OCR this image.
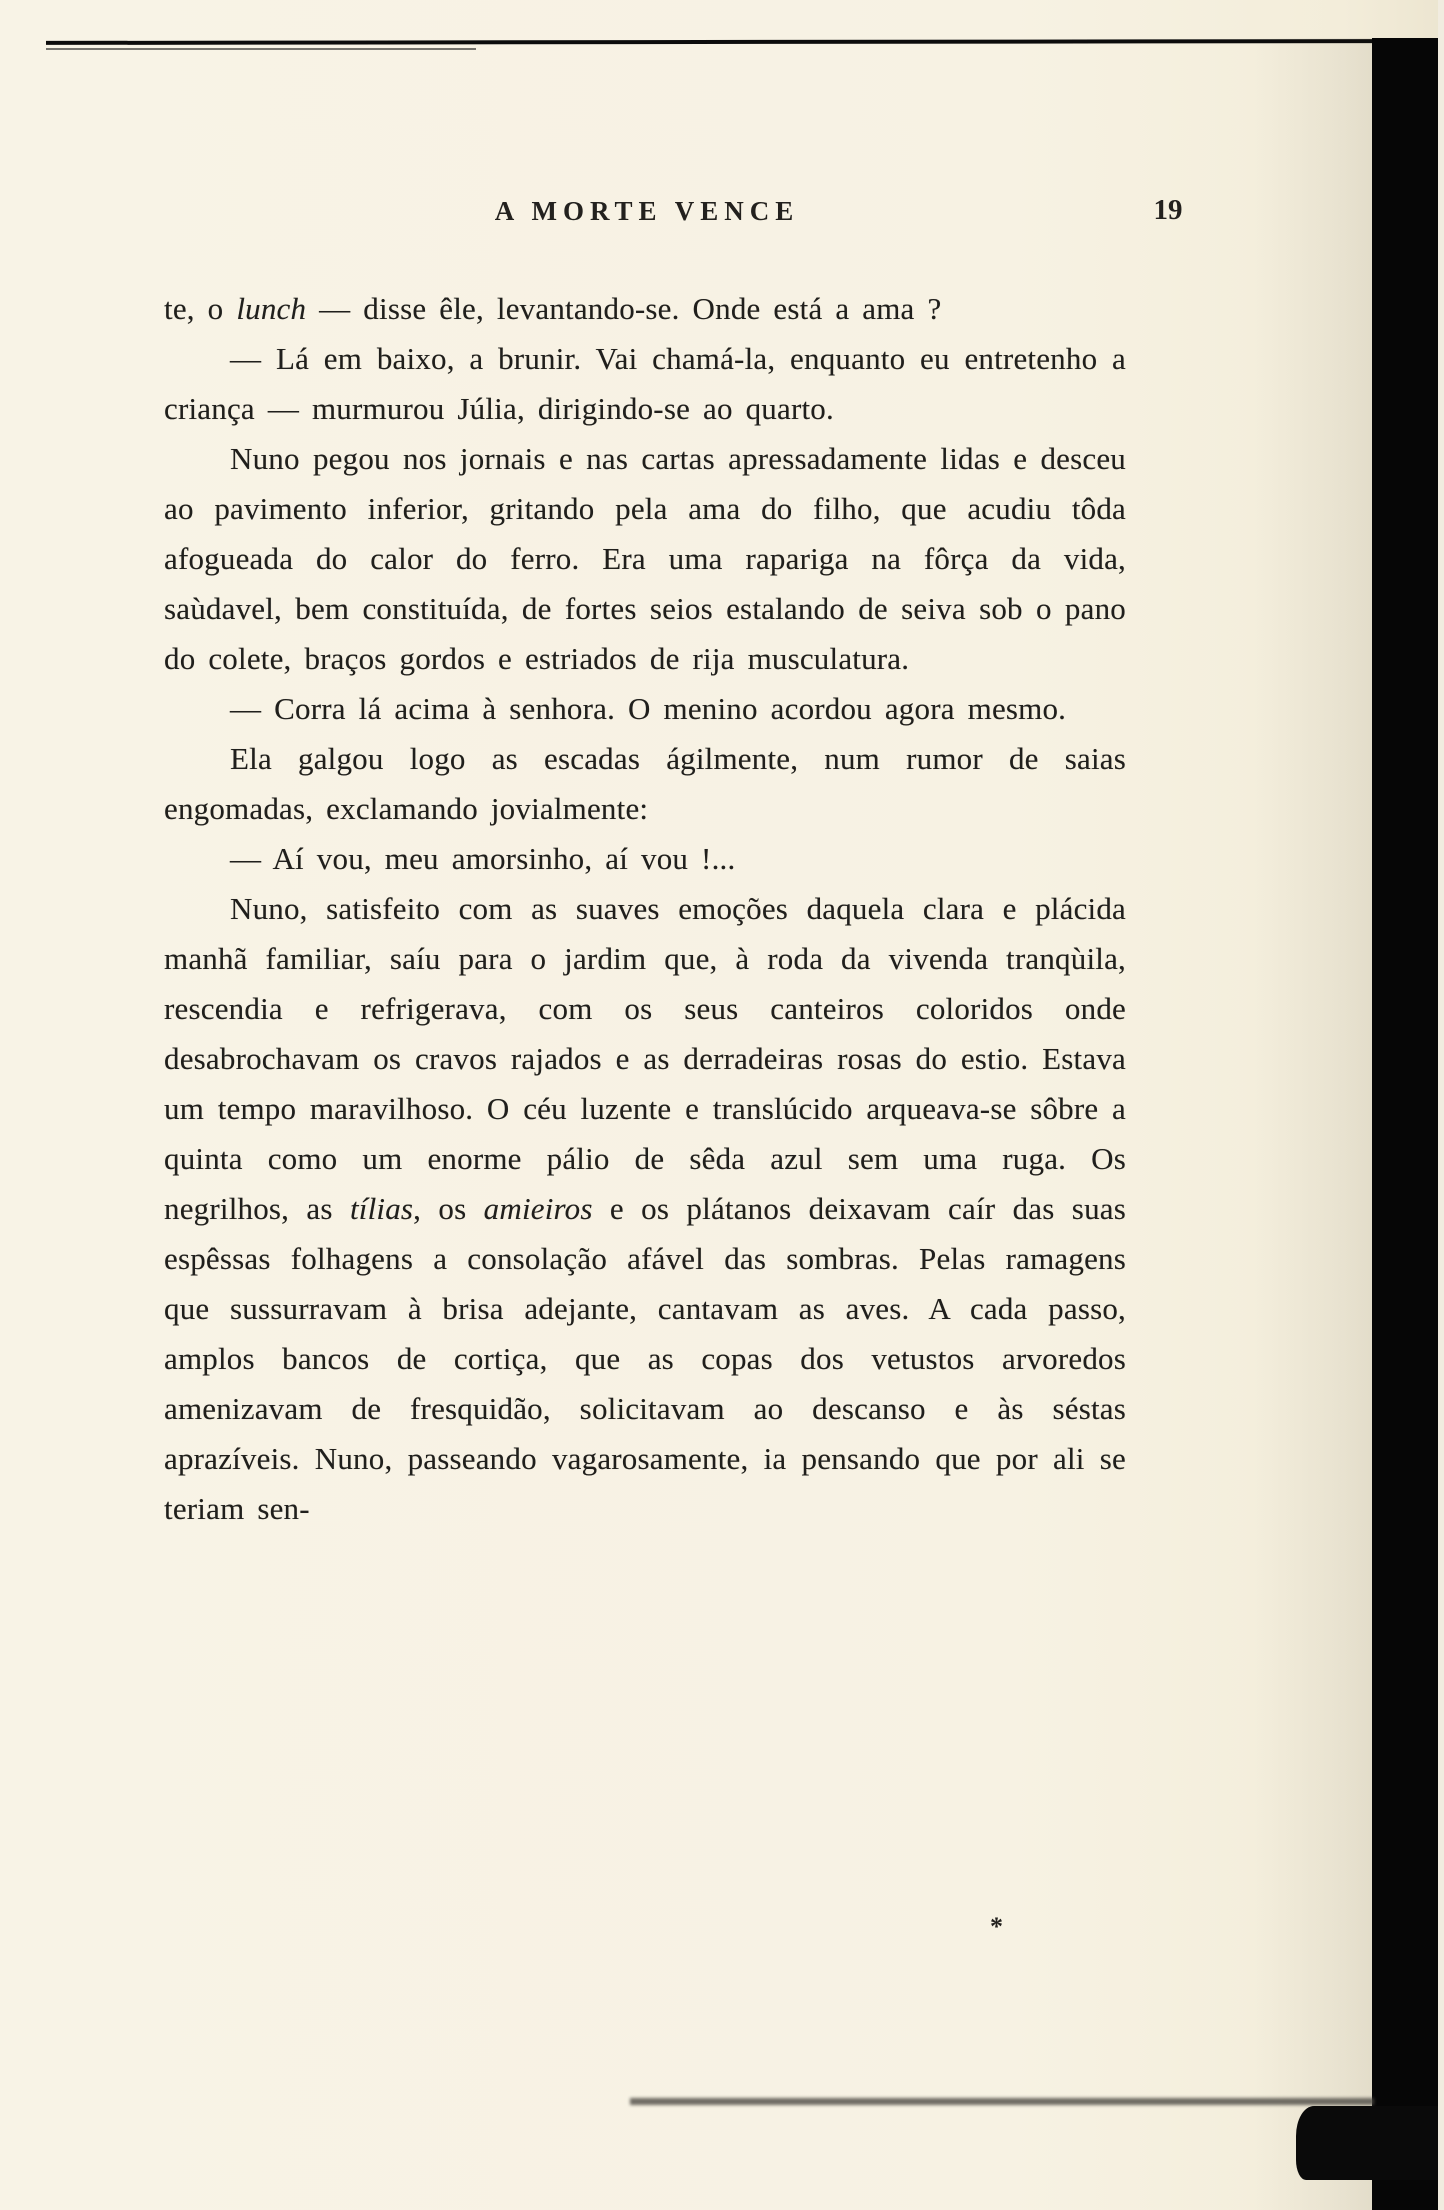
A MORTE VENCE	19

te, o lunch — disse êle, levantando-se. Onde está a ama ?

— Lá em baixo, a brunir. Vai chamá-la, enquanto eu entretenho a criança — murmurou Júlia, dirigindo-se ao quarto.

Nuno pegou nos jornais e nas cartas apressadamente lidas e desceu ao pavimento inferior, gritando pela ama do filho, que acudiu tôda afogueada do calor do ferro. Era uma rapariga na fôrça da vida, saùdavel, bem constituída, de fortes seios estalando de seiva sob o pano do colete, braços gordos e estriados de rija musculatura.

— Corra lá acima à senhora. O menino acordou agora mesmo.

Ela galgou logo as escadas ágilmente, num rumor de saias engomadas, exclamando jovialmente:

— Aí vou, meu amorsinho, aí vou !...

Nuno, satisfeito com as suaves emoções daquela clara e plácida manhã familiar, saíu para o jardim que, à roda da vivenda tranqùila, rescendia e refrigerava, com os seus canteiros coloridos onde desabrochavam os cravos rajados e as derradeiras rosas do estio. Estava um tempo maravilhoso. O céu luzente e translúcido arqueava-se sôbre a quinta como um enorme pálio de sêda azul sem uma ruga. Os negrilhos, as tílias, os amieiros e os plátanos deixavam caír das suas espêssas folhagens a consolação afável das sombras. Pelas ramagens que sussurravam à brisa adejante, cantavam as aves. A cada passo, amplos bancos de cortiça, que as copas dos vetustos arvoredos amenizavam de fresquidão, solicitavam ao descanso e às séstas aprazíveis. Nuno, passeando vagarosamente, ia pensando que por ali se teriam sen-

*
